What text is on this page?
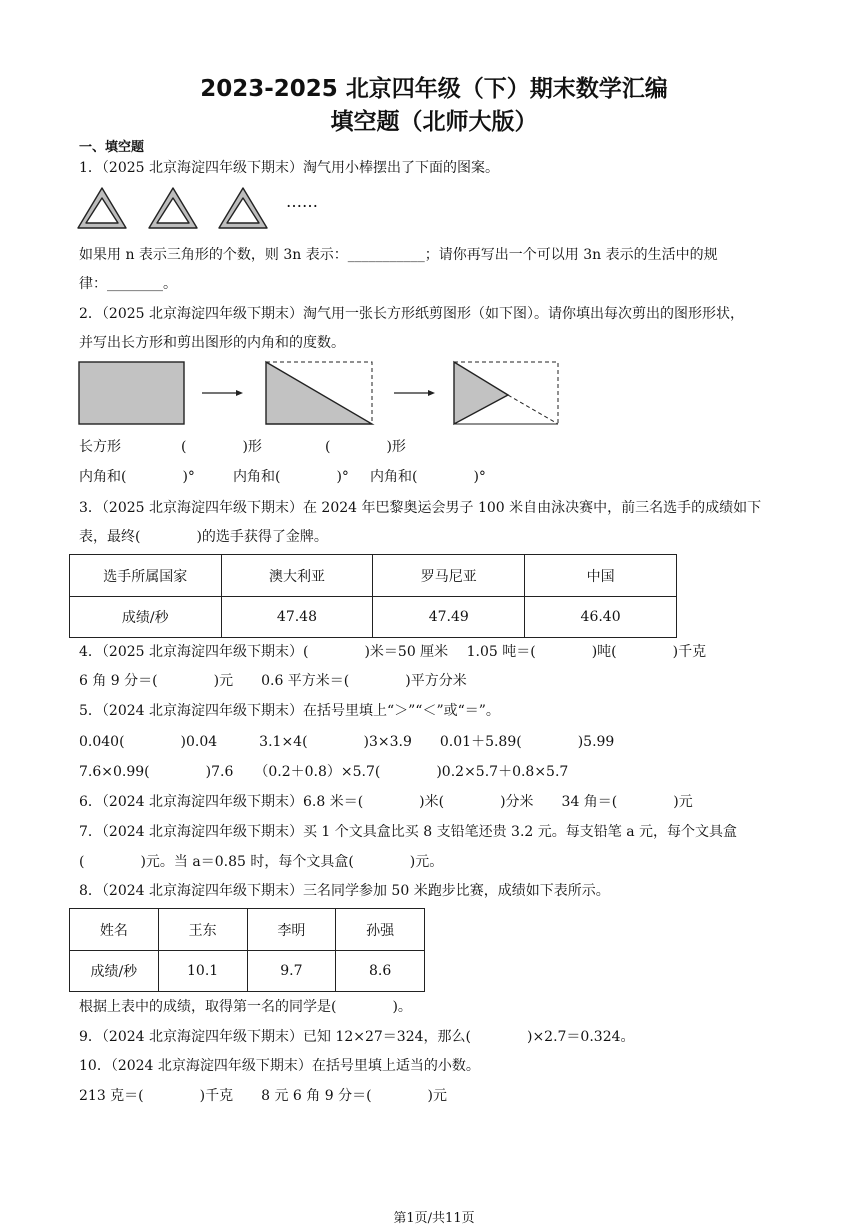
2023-2025 北京四年级（下）期末数学汇编
填空题（北师大版）
一、填空题
1．（2025 北京海淀四年级下期末）淘气用小棒摆出了下面的图案。
……
如果用 n 表示三角形的个数，则 3n 表示：___________；请你再写出一个可以用 3n 表示的生活中的规
律：________。
2．（2025 北京海淀四年级下期末）淘气用一张长方形纸剪图形（如下图）。请你填出每次剪出的图形形状，
并写出长方形和剪出图形的内角和的度数。
长方形	(　　　　)形	(　　　　)形
内角和(　　　　)°	内角和(　　　　)° 内角和(　　　　)°
3．（2025 北京海淀四年级下期末）在 2024 年巴黎奥运会男子 100 米自由泳决赛中，前三名选手的成绩如下
表，最终(　　　　)的选手获得了金牌。
选手所属国家	澳大利亚	罗马尼亚	中国
成绩/秒	47.48	47.49	46.40
4．（2025 北京海淀四年级下期末）(　　　　)米＝50 厘米　 1.05 吨＝(　　　　)吨(　　　　)千克
6 角 9 分＝(　　　　)元　　0.6 平方米＝(　　　　)平方分米
5．（2024 北京海淀四年级下期末）在括号里填上“＞”“＜”或“＝”。
0.040(　　　　)0.04　　　3.1×4(　　　　)3×3.9　　0.01＋5.89(　　　　)5.99
7.6×0.99(　　　　)7.6　　（0.2＋0.8）×5.7(　　　　)0.2×5.7＋0.8×5.7
6．（2024 北京海淀四年级下期末）6.8 米＝(　　　　)米(　　　　)分米　　34 角＝(　　　　)元
7．（2024 北京海淀四年级下期末）买 1 个文具盒比买 8 支铅笔还贵 3.2 元。每支铅笔 a 元，每个文具盒
(　　　　)元。当 a＝0.85 时，每个文具盒(　　　　)元。
8．（2024 北京海淀四年级下期末）三名同学参加 50 米跑步比赛，成绩如下表所示。
姓名	王东	李明	孙强
成绩/秒	10.1	9.7	8.6
根据上表中的成绩，取得第一名的同学是(　　　　)。
9．（2024 北京海淀四年级下期末）已知 12×27＝324，那么(　　　　)×2.7＝0.324。
10．（2024 北京海淀四年级下期末）在括号里填上适当的小数。
213 克＝(　　　　)千克　　8 元 6 角 9 分＝(　　　　)元
第1页/共11页
